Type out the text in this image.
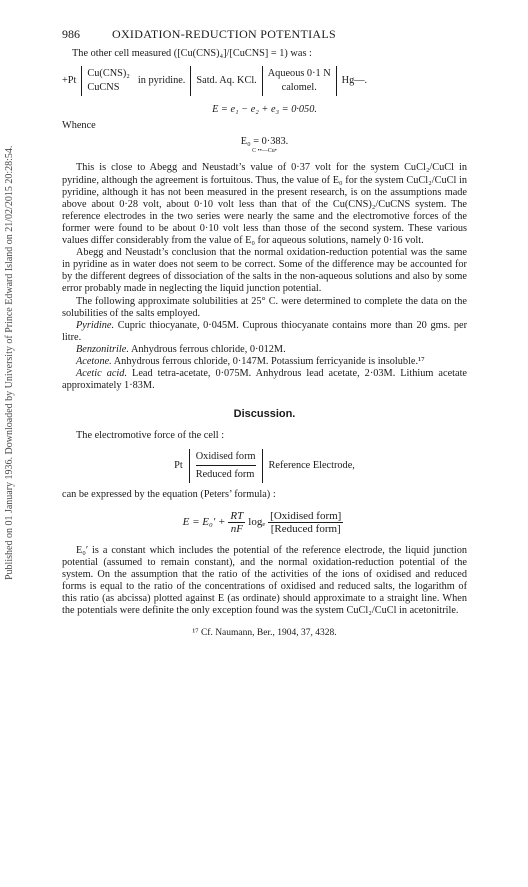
Published on 01 January 1936. Downloaded by University of Prince Edward Island on 21/02/2015 20:28:54.
986	OXIDATION-REDUCTION POTENTIALS
The other cell measured ([Cu(CNS)₄]/[CuCNS] = 1) was :
+Pt
Cu(CNS)₂
CuCNS
in pyridine. Satd. Aq. KCl.
Aqueous 0·1 N
calomel.
Hg—.
E = e₁ − e₂ + e₃ = 0·050.
Whence
E₀ = 0·383.
C ••—Cu•

This is close to Abegg and Neustadt’s value of 0·37 volt for the system CuCl₂/CuCl in pyridine, although the agreement is fortuitous. Thus, the value of E₀ for the system CuCl₂/CuCl in pyridine, although it has not been measured in the present research, is on the assumptions made above about 0·28 volt, about 0·10 volt less than that of the Cu(CNS)₂/CuCNS system. The reference electrodes in the two series were nearly the same and the electromotive forces of the former were found to be about 0·10 volt less than those of the second system. These various values differ considerably from the value of E₀ for aqueous solutions, namely 0·16 volt.

Abegg and Neustadt’s conclusion that the normal oxidation-reduction potential was the same in pyridine as in water does not seem to be correct. Some of the difference may be accounted for by the different degrees of dissociation of the salts in the non-aqueous solutions and also by some error probably made in neglecting the liquid junction potential.

The following approximate solubilities at 25° C. were determined to complete the data on the solubilities of the salts employed.

Pyridine. Cupric thiocyanate, 0·045M. Cuprous thiocyanate contains more than 20 gms. per litre.

Benzonitrile. Anhydrous ferrous chloride, 0·012M.

Acetone. Anhydrous ferrous chloride, 0·147M. Potassium ferricyanide is insoluble.¹⁷

Acetic acid. Lead tetra-acetate, 0·075M. Anhydrous lead acetate, 2·03M. Lithium acetate approximately 1·83M.

Discussion.

The electromotive force of the cell :

Pt
Oxidised form
Reduced form
Reference Electrode,

can be expressed by the equation (Peters’ formula) :

$E = E_0' + \frac{RT}{nF}$ logₑ
[Oxidised form]
[Reduced form]

E₀′ is a constant which includes the potential of the reference electrode, the liquid junction potential (assumed to remain constant), and the normal oxidation-reduction potential of the system. On the assumption that the ratio of the activities of the ions of oxidised and reduced forms is equal to the ratio of the concentrations of oxidised and reduced salts, the logarithm of this ratio (as abcissa) plotted against E (as ordinate) should approximate to a straight line. When the potentials were definite the only exception found was the system CuCl₂/CuCl in acetonitrile.

¹⁷ Cf. Naumann, Ber., 1904, 37, 4328.
